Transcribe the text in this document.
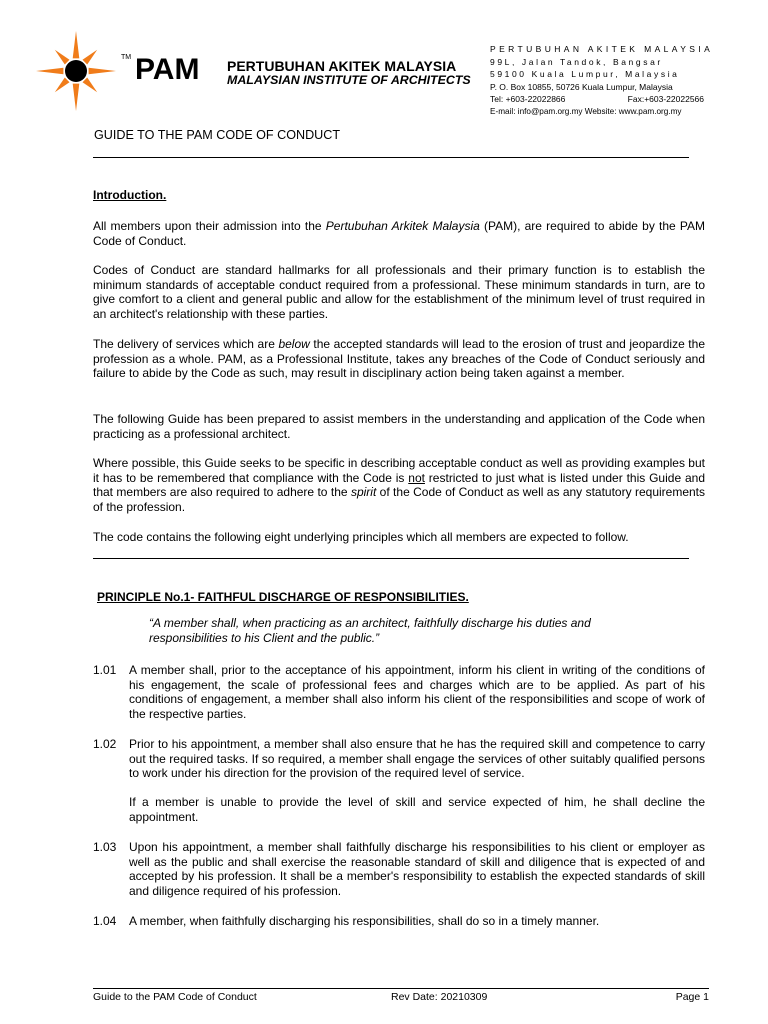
TM PAM PERTUBUHAN AKITEK MALAYSIA
MALAYSIAN INSTITUTE OF ARCHITECTS
PERTUBUHAN AKITEK MALAYSIA
99L, Jalan Tandok, Bangsar
59100 Kuala Lumpur, Malaysia
P. O. Box 10855, 50726 Kuala Lumpur, Malaysia
Tel: +603-22022866	Fax:+603-22022566
E-mail: info@pam.org.my Website: www.pam.org.my
GUIDE TO THE PAM CODE OF CONDUCT
Introduction.
All members upon their admission into the Pertubuhan Arkitek Malaysia (PAM), are required to abide by the PAM Code of Conduct.
Codes of Conduct are standard hallmarks for all professionals and their primary function is to establish the minimum standards of acceptable conduct required from a professional. These minimum standards in turn, are to give comfort to a client and general public and allow for the establishment of the minimum level of trust required in an architect's relationship with these parties.
The delivery of services which are below the accepted standards will lead to the erosion of trust and jeopardize the profession as a whole. PAM, as a Professional Institute, takes any breaches of the Code of Conduct seriously and failure to abide by the Code as such, may result in disciplinary action being taken against a member.
The following Guide has been prepared to assist members in the understanding and application of the Code when practicing as a professional architect.
Where possible, this Guide seeks to be specific in describing acceptable conduct as well as providing examples but it has to be remembered that compliance with the Code is not restricted to just what is listed under this Guide and that members are also required to adhere to the spirit of the Code of Conduct as well as any statutory requirements of the profession.
The code contains the following eight underlying principles which all members are expected to follow.
PRINCIPLE No.1- FAITHFUL DISCHARGE OF RESPONSIBILITIES.
“A member shall, when practicing as an architect, faithfully discharge his duties and responsibilities to his Client and the public.”
1.01 A member shall, prior to the acceptance of his appointment, inform his client in writing of the conditions of his engagement, the scale of professional fees and charges which are to be applied. As part of his conditions of engagement, a member shall also inform his client of the responsibilities and scope of work of the respective parties.
1.02 Prior to his appointment, a member shall also ensure that he has the required skill and competence to carry out the required tasks. If so required, a member shall engage the services of other suitably qualified persons to work under his direction for the provision of the required level of service.
If a member is unable to provide the level of skill and service expected of him, he shall decline the appointment.
1.03 Upon his appointment, a member shall faithfully discharge his responsibilities to his client or employer as well as the public and shall exercise the reasonable standard of skill and diligence that is expected of and accepted by his profession. It shall be a member's responsibility to establish the expected standards of skill and diligence required of his profession.
1.04 A member, when faithfully discharging his responsibilities, shall do so in a timely manner.
Guide to the PAM Code of Conduct	Rev Date: 20210309	Page 1
